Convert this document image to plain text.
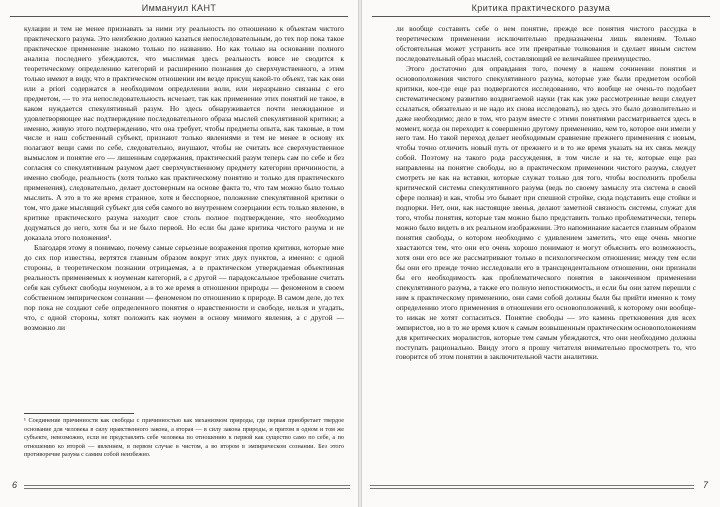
Иммануил КАНТ

кулации и тем не менее признавать за ними эту реальность по отношению к объектам чистого практического разума. Это неизбежно должно казаться непоследовательным, до тех пор пока такое практическое применение знакомо только по названию. Но как только на основании полного анализа последнего убеждаются, что мыслимая здесь реальность вовсе не сводится к теоретическому определению категорий и расширению познания до сверхчувственного, а этим только имеют в виду, что в практическом отношении им везде присущ какой-то объект, так как они или a priori содержатся в необходимом определении воли, или неразрывно связаны с его предметом, — то эта непоследовательность исчезает, так как применение этих понятий не такое, в каком нуждается спекулятивный разум. Но здесь обнаруживается почти неожиданное и удовлетворяющее нас подтверждение последовательного образа мыслей спекулятивной критики; а именно, живую этого подтверждению, что она требует, чтобы предметы опыта, как таковые, в том числе и наш собственный субъект, признают только явлениями и тем не менее в основу их полагают вещи сами по себе, следовательно, внушают, чтобы не считать все сверхчувственное вымыслом и понятие его — лишенным содержания, практический разум теперь сам по себе и без согласия со спекулятивным разумом дает сверхчувственному предмету категории причинности, а именно свободе, реальность (хотя только как практическому понятию и только для практического применения), следовательно, делает достоверным на основе факта то, что там можно было только мыслить. А это в то же время странное, хотя и бесспорное, положение спекулятивной критики о том, что даже мыслящий субъект для себя самого во внутреннем созерцании есть только явление, в критике практического разума находит свое столь полное подтверждение, что необходимо додуматься до него, хотя бы и не было первой. Но если бы даже критика чистого разума и не доказала этого положения¹.

Благодаря этому я понимаю, почему самые серьезные возражения против критики, которые мне до сих пор известны, вертятся главным образом вокруг этих двух пунктов, а именно: с одной стороны, в теоретическом познании отрицаемая, а в практическом утверждаемая объективная реальность применяемых к ноуменам категорий, а с другой — парадоксальное требование считать себя как субъект свободы ноуменом, а в то же время в отношении природы — феноменом в своем собственном эмпирическом сознании — феноменом по отношению к природе. В самом деле, до тех пор пока не создают себе определенного понятия о нравственности и свободе, нельзя и угадать, что, с одной стороны, хотят положить как ноумен в основу мнимого явления, а с другой — возможно ли

¹ Соединение причинности как свободы с причинностью как механизмом природы, где первая приобретает твердое основание для человека в силу нравственного закона, а вторая — в силу закона природы, и притом в одном и том же субъекте, невозможно, если не представлять себе человека по отношению к первой как существо само по себе, а по отношению ко второй — явлением, в первом случае в чистом, а во втором в эмпирическом сознании. Без этого противоречие разума с самим собой неизбежно.
6
Критика практического разума

ли вообще составить себе о нем понятие, прежде все понятия чистого рассудка в теоретическом применении исключительно предназначены лишь явлениям. Только обстоятельная может устранить все эти превратные толкования и сделает явным систем последовательный образ мыслей, составляющий ее величайшее преимущество.

Этого достаточно для оправдания того, почему в нашем сочинении понятия и основоположения чистого спекулятивного разума, которые уже были предметом особой критики, кое-где еще раз подвергаются исследованию, что вообще не очень-то подобает систематическому развитию воздвигаемой науки (так как уже рассмотренные вещи следует ссылаться, обязательно и не надо их снова исследовать), но здесь это было дозволительно и даже необходимо; дело в том, что разум вместе с этими понятиями рассматривается здесь в момент, когда он переходит к совершенно другому применению, чем то, которое они имели у него там. Но такой переход делает необходимым сравнение прежнего применения с новым, чтобы точно отличить новый путь от прежнего и в то же время указать на их связь между собой. Поэтому на такого рода рассуждения, в том числе и на те, которые еще раз направлены на понятие свободы, но в практическом применении чистого разума, следует смотреть не как на вставки, которые служат только для того, чтобы восполнить пробелы критической системы спекулятивного разума (ведь по своему замыслу эта система в своей сфере полная) и как, чтобы это бывает при спешной стройке, сюда подставить еще стойки и подпорки. Нет, они, как настоящие звенья, делают заметной связность системы, служат для того, чтобы понятия, которые там можно было представить только проблематически, теперь можно было видеть в их реальном изображении. Это напоминание касается главным образом понятия свободы, о котором необходимо с удивлением заметить, что еще очень многие хвастаются тем, что они его очень хорошо понимают и могут объяснить его возможность, хотя они его все же рассматривают только в психологическом отношении; между тем если бы они его прежде точно исследовали его в трансцендентальном отношении, они признали бы его необходимость как проблематического понятия в законченном применении спекулятивного разума, а также его полную непостижимость, и если бы они затем перешли с ним к практическому применению, они сами собой должны были бы прийти именно к тому определению этого применения в отношении его основоположений, к которому они вообще-то никак не хотят согласиться. Понятие свободы — это камень преткновения для всех эмпиристов, но в то же время ключ к самым возвышенным практическим основоположениям для критических моралистов, которые тем самым убеждаются, что они необходимо должны поступать рационально. Ввиду этого я прошу читателя внимательно просмотреть то, что говорится об этом понятии в заключительной части аналитики.

7
